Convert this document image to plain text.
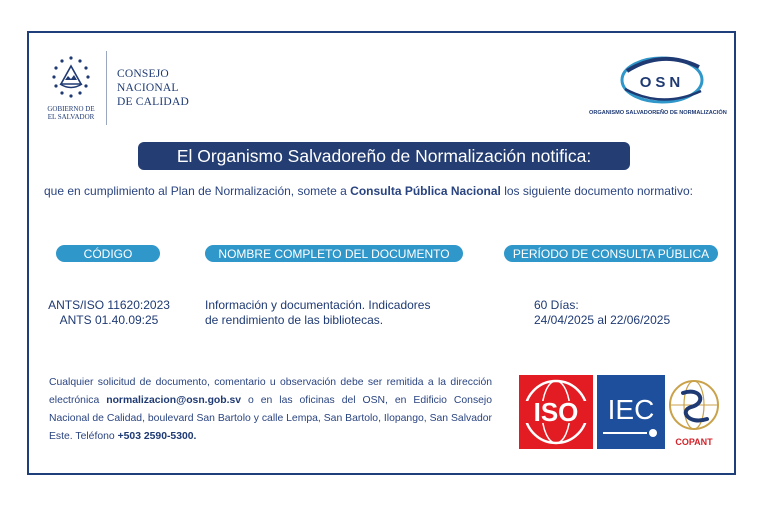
GOBIERNO DE
EL SALVADOR
CONSEJO
NACIONAL
DE CALIDAD
OSN
ORGANISMO SALVADOREÑO DE NORMALIZACIÓN
El Organismo Salvadoreño de Normalización notifica:
que en cumplimiento al Plan de Normalización, somete a Consulta Pública Nacional los siguiente documento normativo:
CÓDIGO	NOMBRE COMPLETO DEL DOCUMENTO	PERÍODO DE CONSULTA PÚBLICA
ANTS/ISO 11620:2023
ANTS 01.40.09:25
Información y documentación. Indicadores
de rendimiento de las bibliotecas.
60 Días:
24/04/2025 al 22/06/2025
Cualquier solicitud de documento, comentario u observación debe ser remitida a la dirección electrónica normalizacion@osn.gob.sv o en las oficinas del OSN, en Edificio Consejo Nacional de Calidad, boulevard San Bartolo y calle Lempa, San Bartolo, Ilopango, San Salvador Este. Teléfono +503 2590-5300.
ISO IEC
COPANT
